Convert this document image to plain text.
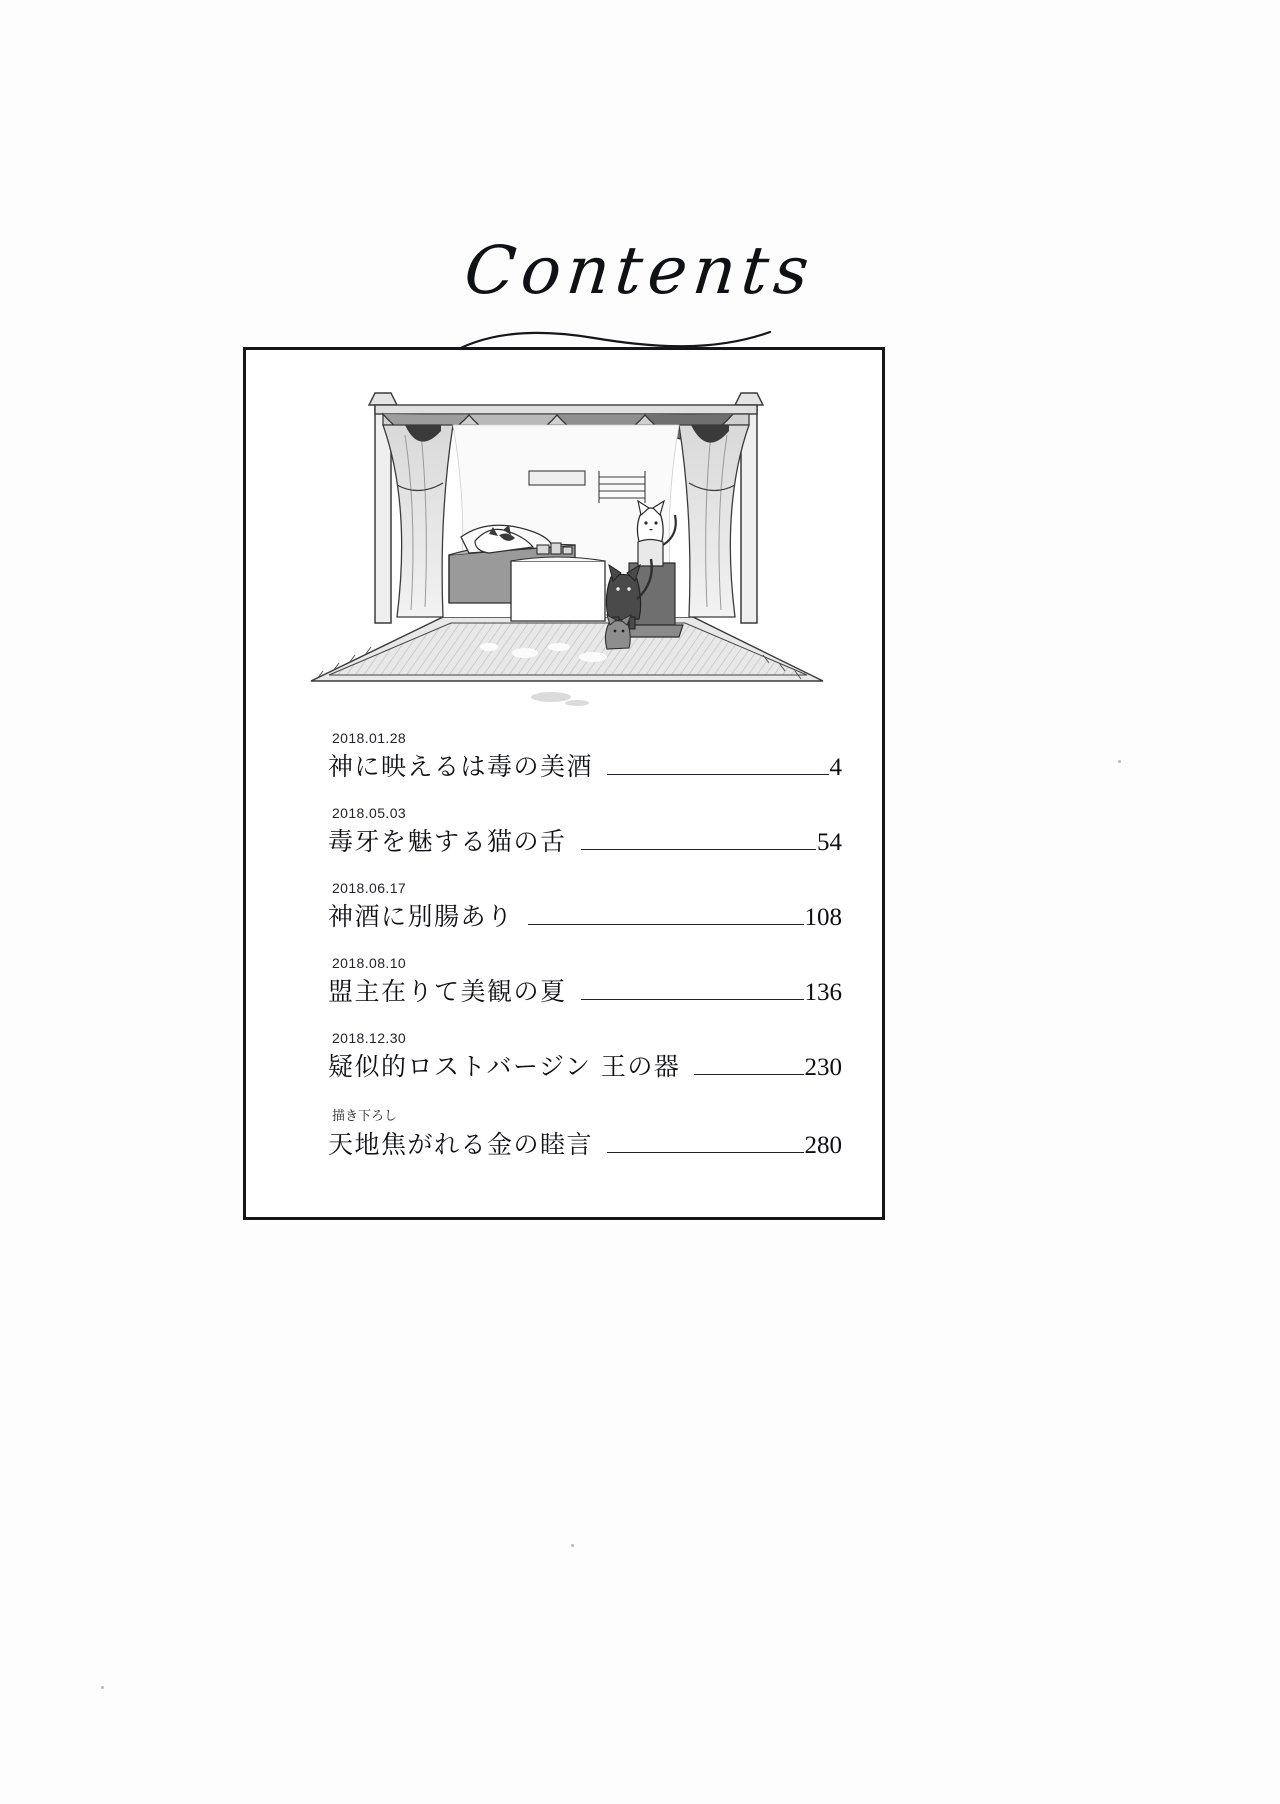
Contents
2018.01.28
神に映えるは毒の美酒	4
2018.05.03
毒牙を魅する猫の舌	54
2018.06.17
神酒に別腸あり	108
2018.08.10
盟主在りて美観の夏	136
2018.12.30
疑似的ロストバージン 王の器	230
描き下ろし
天地焦がれる金の睦言	280
